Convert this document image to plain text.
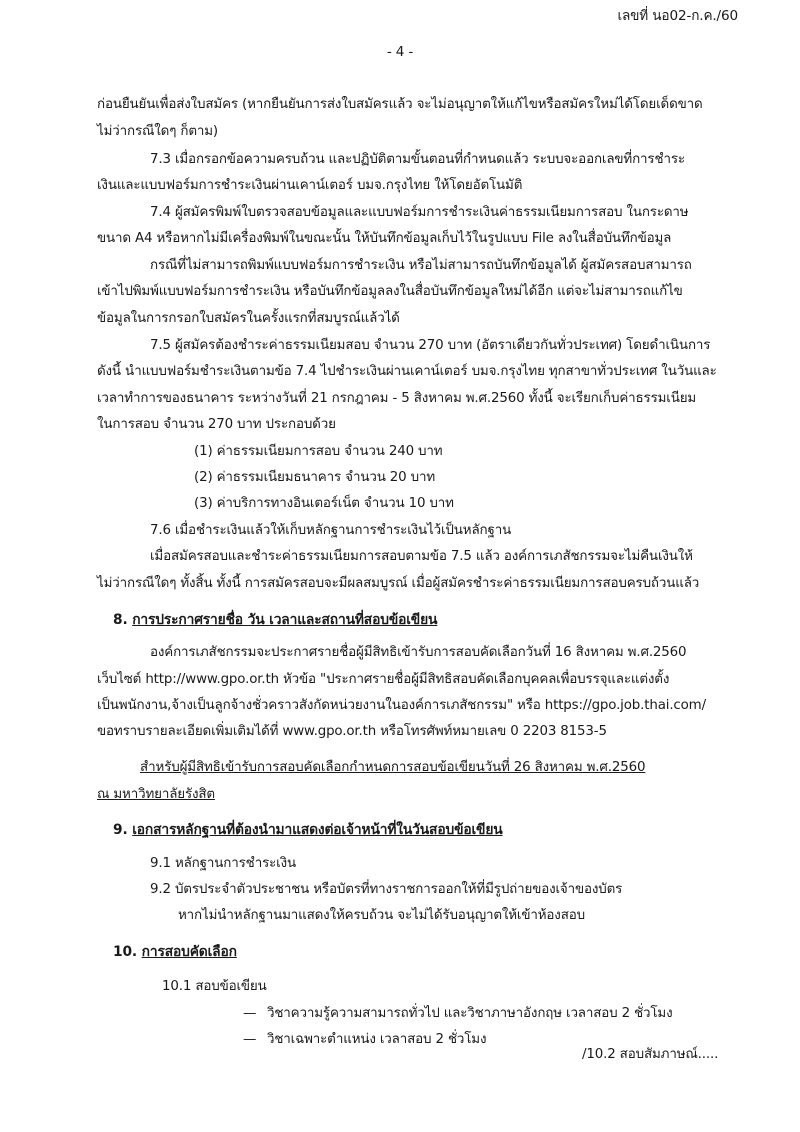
เลขที่ นอ02-ก.ค./60
- 4 -
ก่อนยืนยันเพื่อส่งใบสมัคร (หากยืนยันการส่งใบสมัครแล้ว จะไม่อนุญาตให้แก้ไขหรือสมัครใหม่ได้โดยเด็ดขาด
ไม่ว่ากรณีใดๆ ก็ตาม)
7.3 เมื่อกรอกข้อความครบถ้วน และปฏิบัติตามขั้นตอนที่กำหนดแล้ว ระบบจะออกเลขที่การชำระ
เงินและแบบฟอร์มการชำระเงินผ่านเคาน์เตอร์ บมจ.กรุงไทย ให้โดยอัตโนมัติ
7.4 ผู้สมัครพิมพ์ใบตรวจสอบข้อมูลและแบบฟอร์มการชำระเงินค่าธรรมเนียมการสอบ ในกระดาษ
ขนาด A4 หรือหากไม่มีเครื่องพิมพ์ในขณะนั้น ให้บันทึกข้อมูลเก็บไว้ในรูปแบบ File ลงในสื่อบันทึกข้อมูล
กรณีที่ไม่สามารถพิมพ์แบบฟอร์มการชำระเงิน หรือไม่สามารถบันทึกข้อมูลได้ ผู้สมัครสอบสามารถ
เข้าไปพิมพ์แบบฟอร์มการชำระเงิน หรือบันทึกข้อมูลลงในสื่อบันทึกข้อมูลใหม่ได้อีก แต่จะไม่สามารถแก้ไข
ข้อมูลในการกรอกใบสมัครในครั้งแรกที่สมบูรณ์แล้วได้
7.5 ผู้สมัครต้องชำระค่าธรรมเนียมสอบ จำนวน 270 บาท (อัตราเดียวกันทั่วประเทศ) โดยดำเนินการ
ดังนี้ นำแบบฟอร์มชำระเงินตามข้อ 7.4 ไปชำระเงินผ่านเคาน์เตอร์ บมจ.กรุงไทย ทุกสาขาทั่วประเทศ ในวันและ
เวลาทำการของธนาคาร ระหว่างวันที่ 21 กรกฎาคม - 5 สิงหาคม พ.ศ.2560 ทั้งนี้ จะเรียกเก็บค่าธรรมเนียม
ในการสอบ จำนวน 270 บาท ประกอบด้วย
(1) ค่าธรรมเนียมการสอบ จำนวน 240 บาท
(2) ค่าธรรมเนียมธนาคาร จำนวน 20 บาท
(3) ค่าบริการทางอินเตอร์เน็ต จำนวน 10 บาท
7.6 เมื่อชำระเงินแล้วให้เก็บหลักฐานการชำระเงินไว้เป็นหลักฐาน
เมื่อสมัครสอบและชำระค่าธรรมเนียมการสอบตามข้อ 7.5 แล้ว องค์การเภสัชกรรมจะไม่คืนเงินให้
ไม่ว่ากรณีใดๆ ทั้งสิ้น ทั้งนี้ การสมัครสอบจะมีผลสมบูรณ์ เมื่อผู้สมัครชำระค่าธรรมเนียมการสอบครบถ้วนแล้ว
8. การประกาศรายชื่อ วัน เวลาและสถานที่สอบข้อเขียน
องค์การเภสัชกรรมจะประกาศรายชื่อผู้มีสิทธิเข้ารับการสอบคัดเลือกวันที่ 16 สิงหาคม พ.ศ.2560
เว็บไซต์ http://www.gpo.or.th หัวข้อ "ประกาศรายชื่อผู้มีสิทธิสอบคัดเลือกบุคคลเพื่อบรรจุและแต่งตั้ง
เป็นพนักงาน,จ้างเป็นลูกจ้างชั่วคราวสังกัดหน่วยงานในองค์การเภสัชกรรม" หรือ https://gpo.job.thai.com/
ขอทราบรายละเอียดเพิ่มเติมได้ที่ www.gpo.or.th หรือโทรศัพท์หมายเลข 0 2203 8153-5
สำหรับผู้มีสิทธิเข้ารับการสอบคัดเลือกกำหนดการสอบข้อเขียนวันที่ 26 สิงหาคม พ.ศ.2560
ณ มหาวิทยาลัยรังสิต
9. เอกสารหลักฐานที่ต้องนำมาแสดงต่อเจ้าหน้าที่ในวันสอบข้อเขียน
9.1 หลักฐานการชำระเงิน
9.2 บัตรประจำตัวประชาชน หรือบัตรที่ทางราชการออกให้ที่มีรูปถ่ายของเจ้าของบัตร
หากไม่นำหลักฐานมาแสดงให้ครบถ้วน จะไม่ได้รับอนุญาตให้เข้าห้องสอบ
10. การสอบคัดเลือก
10.1 สอบข้อเขียน
— วิชาความรู้ความสามารถทั่วไป และวิชาภาษาอังกฤษ เวลาสอบ 2 ชั่วโมง
— วิชาเฉพาะตำแหน่ง เวลาสอบ 2 ชั่วโมง
/10.2 สอบสัมภาษณ์.....
